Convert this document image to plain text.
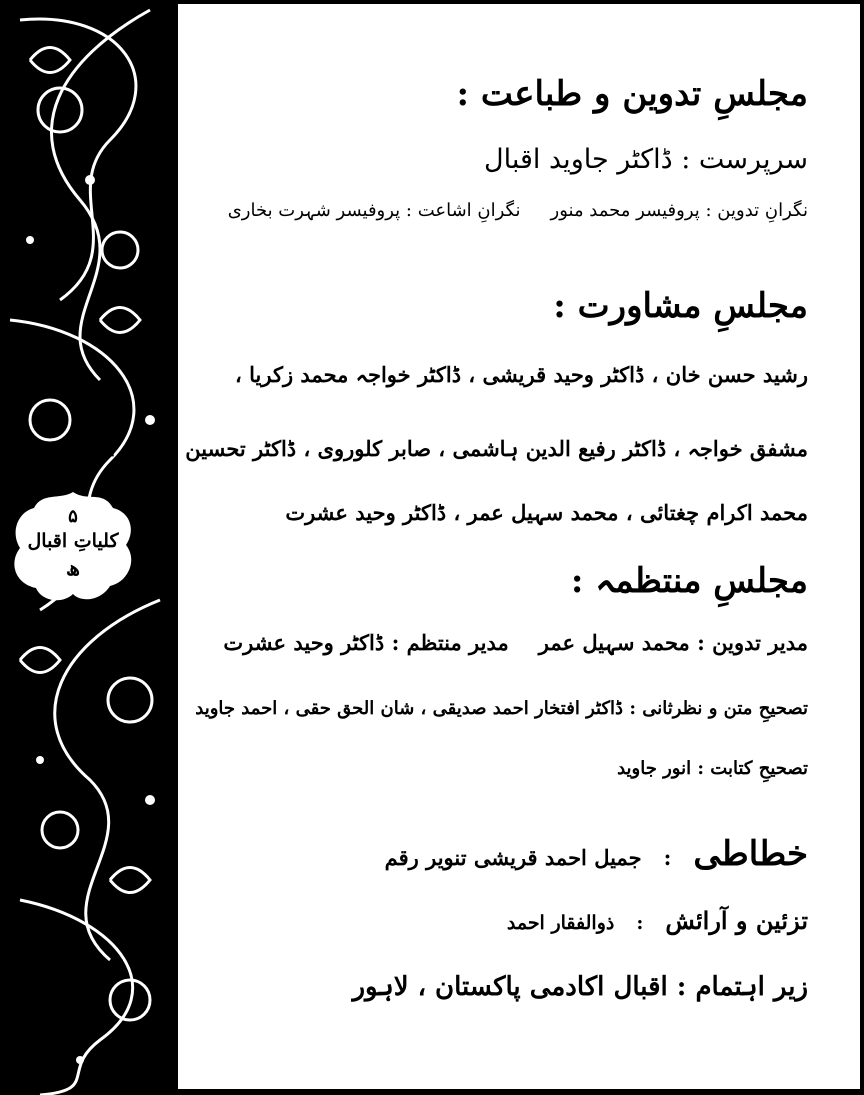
۵
کلیاتِ اقبال
ھ
مجلسِ تدوین و طباعت :
سرپرست : ڈاکٹر جاوید اقبال
نگرانِ تدوین : پروفیسر محمد منورنگرانِ اشاعت : پروفیسر شہرت بخاری
مجلسِ مشاورت :
رشید حسن خان ، ڈاکٹر وحید قریشی ، ڈاکٹر خواجہ محمد زکریا ،
مشفق خواجہ ، ڈاکٹر رفیع الدین ہاشمی ، صابر کلوروی ، ڈاکٹر تحسین فراقی ،
محمد اکرام چغتائی ، محمد سہیل عمر ، ڈاکٹر وحید عشرت
مجلسِ منتظمہ :
مدیر تدوین : محمد سہیل عمرمدیر منتظم : ڈاکٹر وحید عشرت
تصحیحِ متن و نظرثانی : ڈاکٹر افتخار احمد صدیقی ، شان الحق حقی ، احمد جاوید
تصحیحِ کتابت : انور جاوید
خطاطی:جمیل احمد قریشی تنویر رقم
تزئین و آرائش:ذوالفقار احمد
زیر اہتمام : اقبال اکادمی پاکستان ، لاہور
